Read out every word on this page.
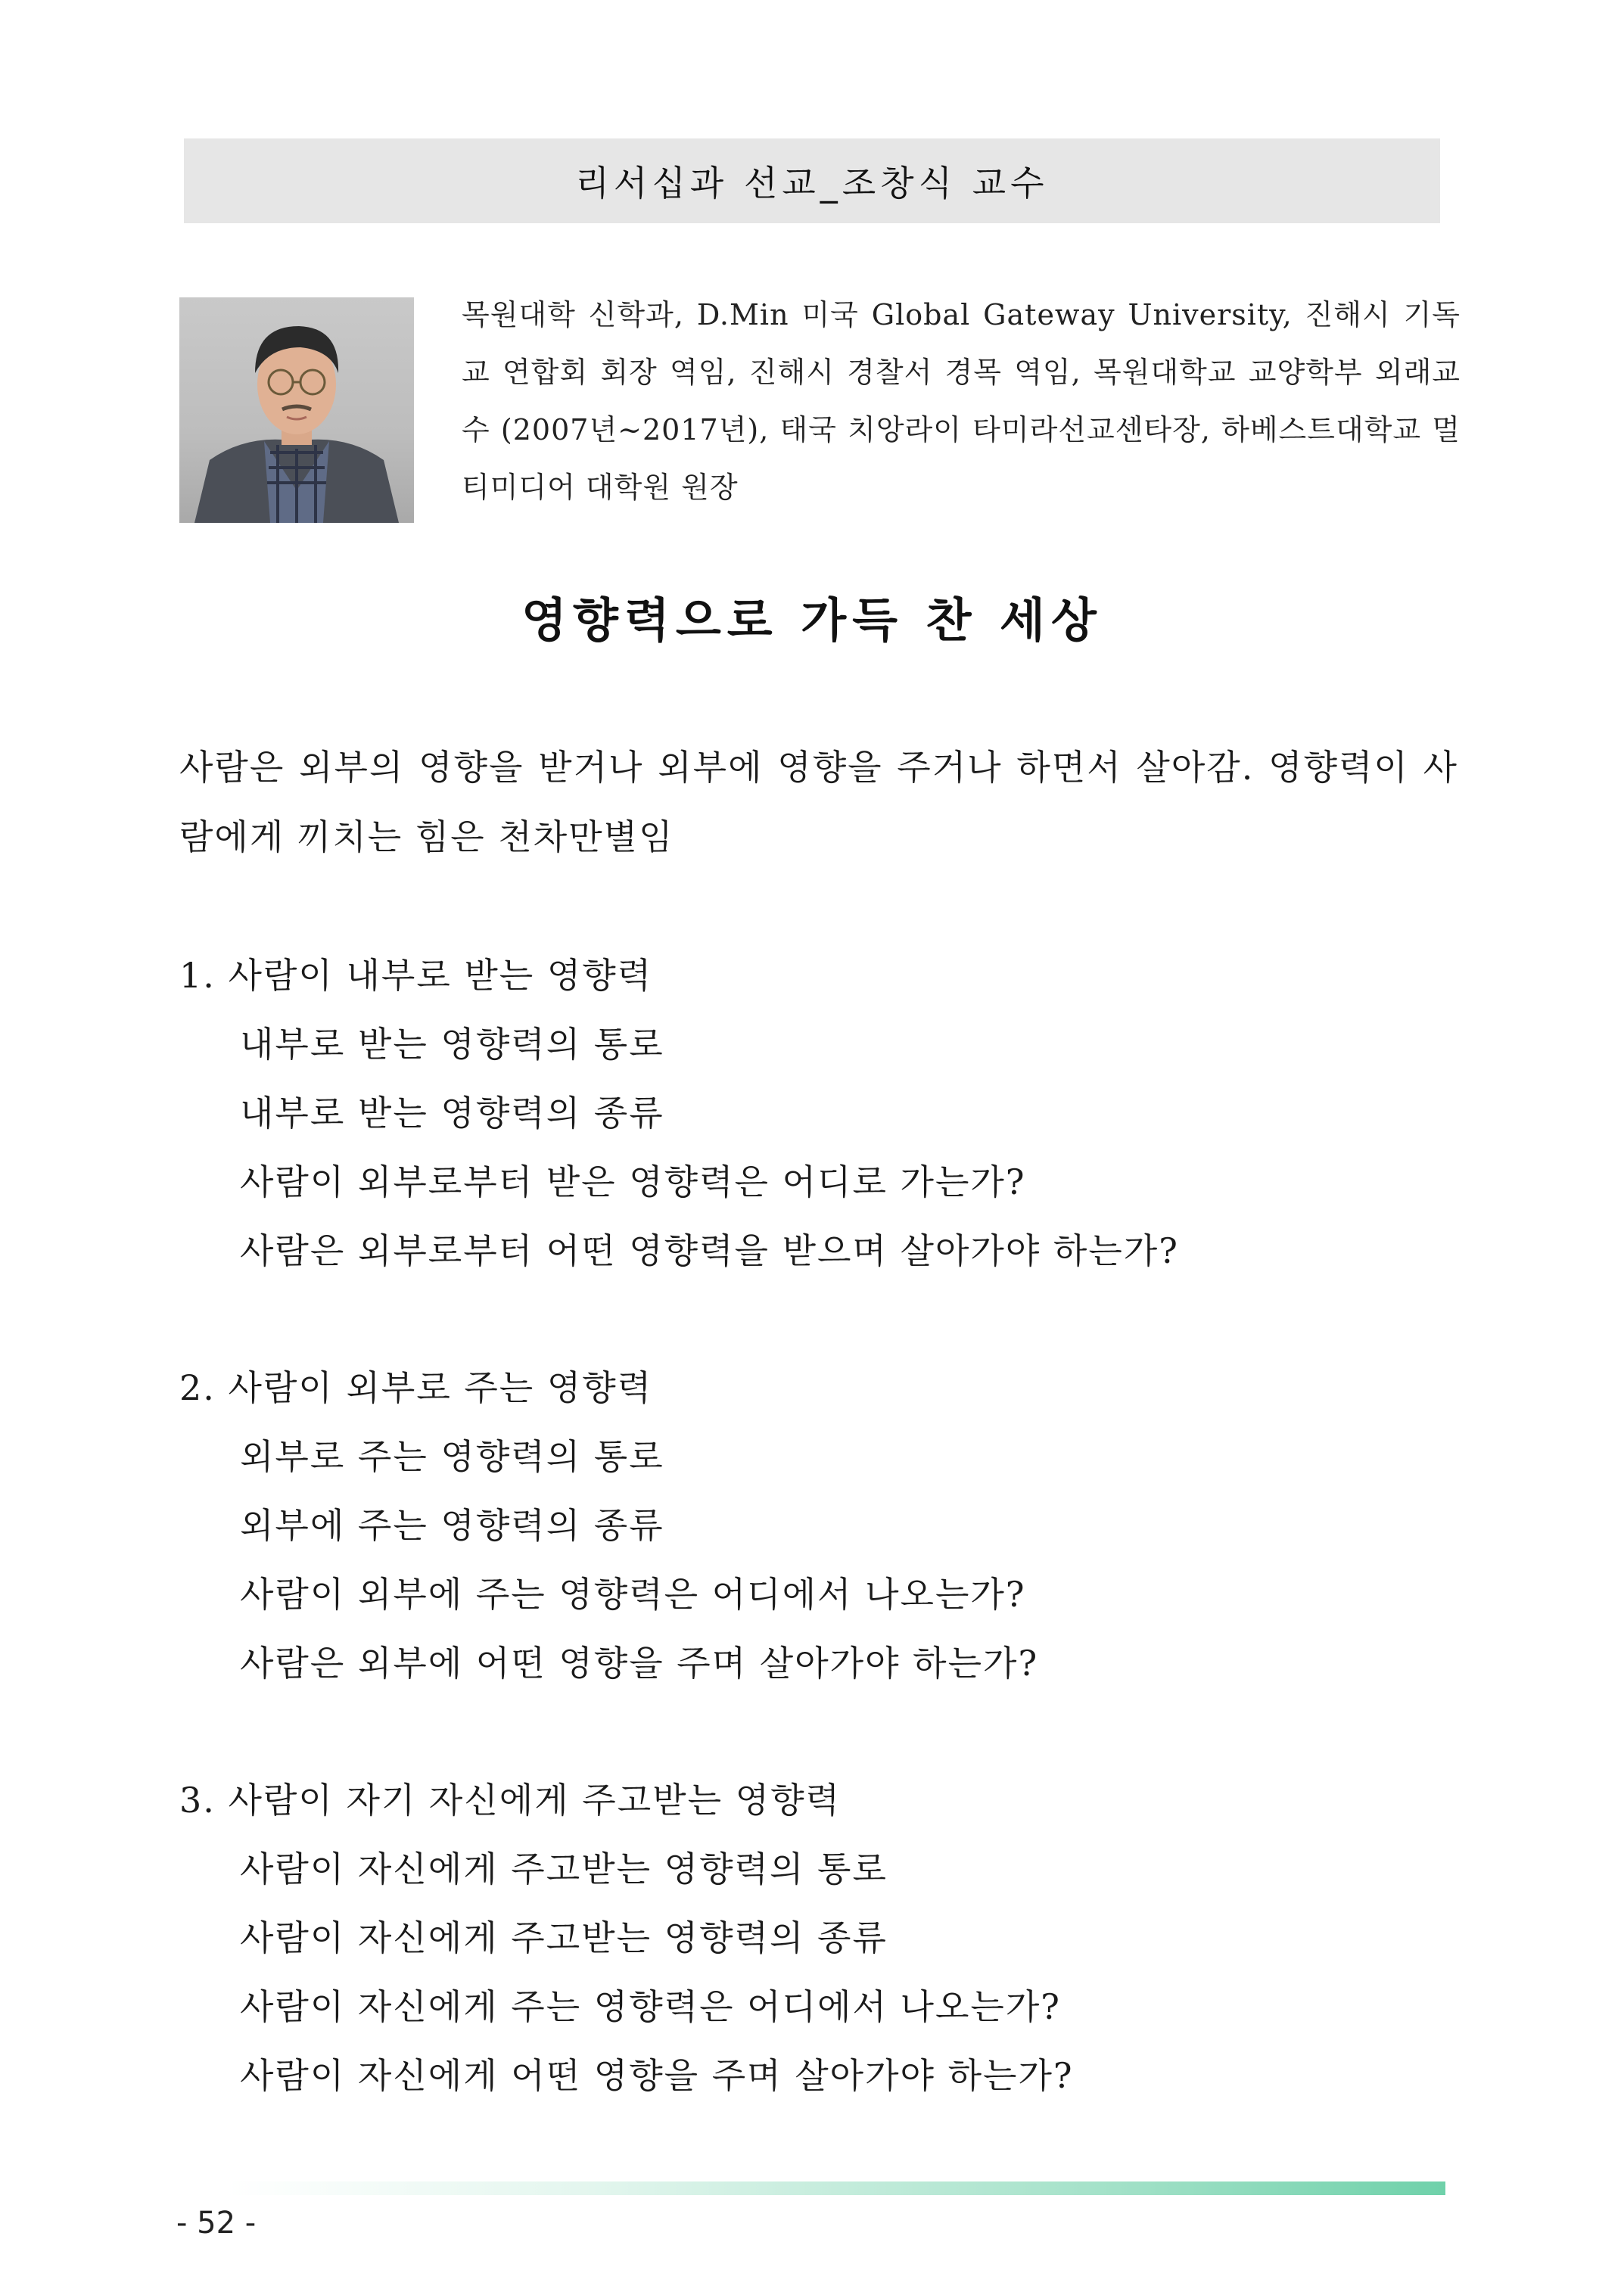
리서십과 선교_조창식 교수
목원대학 신학과, D.Min 미국 Global Gateway University, 진해시 기독교 연합회 회장 역임, 진해시 경찰서 경목 역임, 목원대학교 교양학부 외래교수 (2007년~2017년), 태국 치앙라이 타미라선교센타장, 하베스트대학교 멀티미디어 대학원 원장
영향력으로 가득 찬 세상
사람은 외부의 영향을 받거나 외부에 영향을 주거나 하면서 살아감. 영향력이 사람에게 끼치는 힘은 천차만별임
1. 사람이 내부로 받는 영향력
내부로 받는 영향력의 통로
내부로 받는 영향력의 종류
사람이 외부로부터 받은 영향력은 어디로 가는가?
사람은 외부로부터 어떤 영향력을 받으며 살아가야 하는가?
2. 사람이 외부로 주는 영향력
외부로 주는 영향력의 통로
외부에 주는 영향력의 종류
사람이 외부에 주는 영향력은 어디에서 나오는가?
사람은 외부에 어떤 영향을 주며 살아가야 하는가?
3. 사람이 자기 자신에게 주고받는 영향력
사람이 자신에게 주고받는 영향력의 통로
사람이 자신에게 주고받는 영향력의 종류
사람이 자신에게 주는 영향력은 어디에서 나오는가?
사람이 자신에게 어떤 영향을 주며 살아가야 하는가?
- 52 -
